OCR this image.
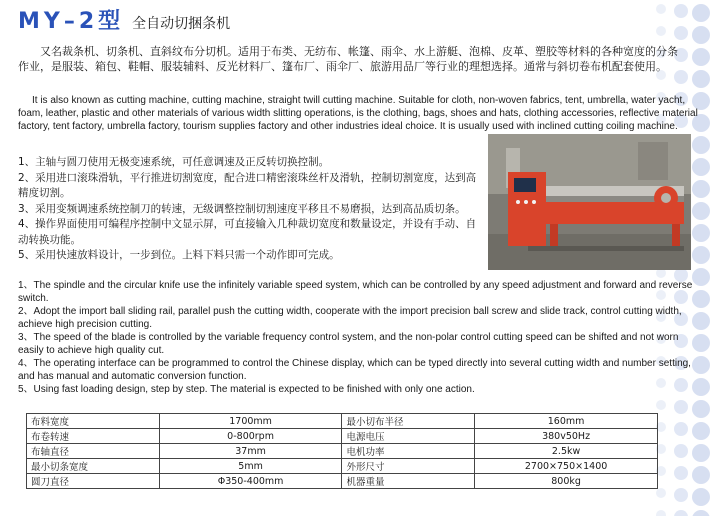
MY–2型 全自动切捆条机

又名裁条机、切条机、直斜纹布分切机。适用于布类、无纺布、帐篷、雨伞、水上游艇、泡棉、皮革、塑胶等材料的各种宽度的分条作业，是服装、箱包、鞋帽、服装辅料、反光材料厂、篷布厂、雨伞厂、旅游用品厂等行业的理想选择。通常与斜切卷布机配套使用。

It is also known as cutting machine, cutting machine, straight twill cutting machine. Suitable for cloth, non-woven fabrics, tent, umbrella, water yacht, foam, leather, plastic and other materials of various width slitting operations, is the clothing, bags, shoes and hats, clothing accessories, reflective material factory, tent factory, umbrella factory, tourism supplies factory and other industries ideal choice. It is usually used with inclined cutting coiling machine.

1、主轴与圆刀使用无极变速系统，可任意调速及正反转切换控制。
2、采用进口滚珠滑轨，平行推进切割宽度，配合进口精密滚珠丝杆及滑轨，控制切割宽度，达到高精度切割。
3、采用变频调速系统控制刀的转速，无级调整控制切割速度平移且不易磨损，达到高品质切条。
4、操作界面使用可编程序控制中文显示屏，可直接输入几种裁切宽度和数量设定，并设有手动、自动转换功能。
5、采用快速放料设计，一步到位。上料下料只需一个动作即可完成。
1、The spindle and the circular knife use the infinitely variable speed system, which can be controlled by any speed adjustment and forward and reverse switch.
2、Adopt the import ball sliding rail, parallel push the cutting width, cooperate with the import precision ball screw and slide track, control cutting width, achieve high precision cutting.
3、The speed of the blade is controlled by the variable frequency control system, and the non-polar control cutting speed can be shifted and not worn easily to achieve high quality cut.
4、The operating interface can be programmed to control the Chinese display, which can be typed directly into several cutting width and number setting, and has manual and automatic conversion function.
5、Using fast loading design, step by step. The material is expected to be finished with only one action.
布料宽度	1700mm	最小切布半径	160mm
布卷转速	0-800rpm	电源电压	380v50Hz
布轴直径	37mm	电机功率	2.5kw
最小切条宽度	5mm	外形尺寸	2700×750×1400
圆刀直径	Φ350-400mm	机器重量	800kg
